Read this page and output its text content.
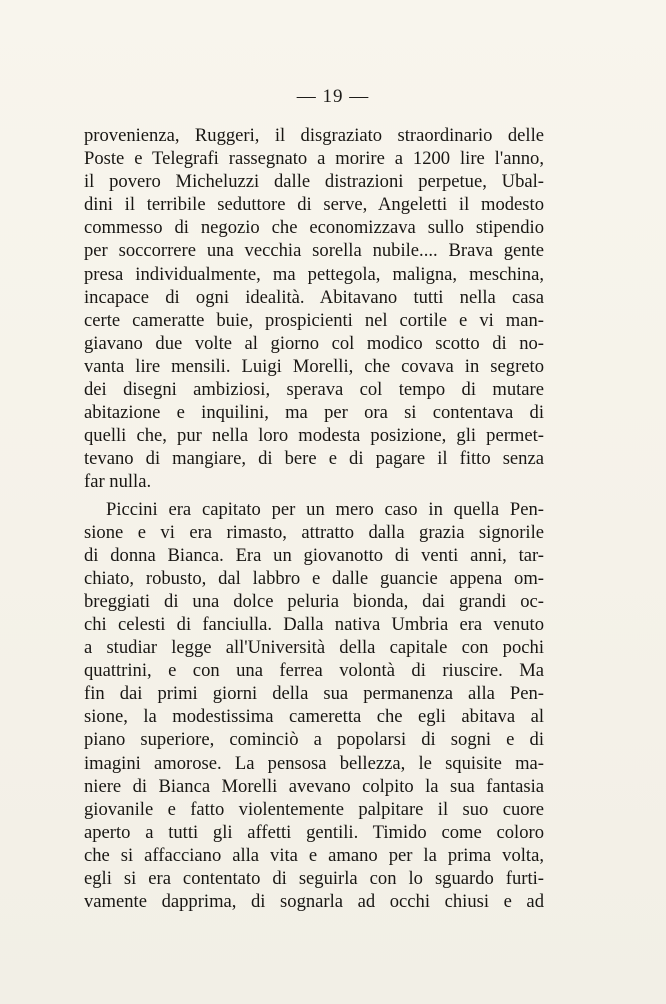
— 19 —
provenienza, Ruggeri, il disgraziato straordinario delle
Poste e Telegrafi rassegnato a morire a 1200 lire l'anno,
il povero Micheluzzi dalle distrazioni perpetue, Ubal-
dini il terribile seduttore di serve, Angeletti il modesto
commesso di negozio che economizzava sullo stipendio
per soccorrere una vecchia sorella nubile.... Brava gente
presa individualmente, ma pettegola, maligna, meschina,
incapace di ogni idealità. Abitavano tutti nella casa
certe cameratte buie, prospicienti nel cortile e vi man-
giavano due volte al giorno col modico scotto di no-
vanta lire mensili. Luigi Morelli, che covava in segreto
dei disegni ambiziosi, sperava col tempo di mutare
abitazione e inquilini, ma per ora si contentava di
quelli che, pur nella loro modesta posizione, gli permet-
tevano di mangiare, di bere e di pagare il fitto senza
far nulla.
Piccini era capitato per un mero caso in quella Pen-
sione e vi era rimasto, attratto dalla grazia signorile
di donna Bianca. Era un giovanotto di venti anni, tar-
chiato, robusto, dal labbro e dalle guancie appena om-
breggiati di una dolce peluria bionda, dai grandi oc-
chi celesti di fanciulla. Dalla nativa Umbria era venuto
a studiar legge all'Università della capitale con pochi
quattrini, e con una ferrea volontà di riuscire. Ma
fin dai primi giorni della sua permanenza alla Pen-
sione, la modestissima cameretta che egli abitava al
piano superiore, cominciò a popolarsi di sogni e di
imagini amorose. La pensosa bellezza, le squisite ma-
niere di Bianca Morelli avevano colpito la sua fantasia
giovanile e fatto violentemente palpitare il suo cuore
aperto a tutti gli affetti gentili. Timido come coloro
che si affacciano alla vita e amano per la prima volta,
egli si era contentato di seguirla con lo sguardo furti-
vamente dapprima, di sognarla ad occhi chiusi e ad
